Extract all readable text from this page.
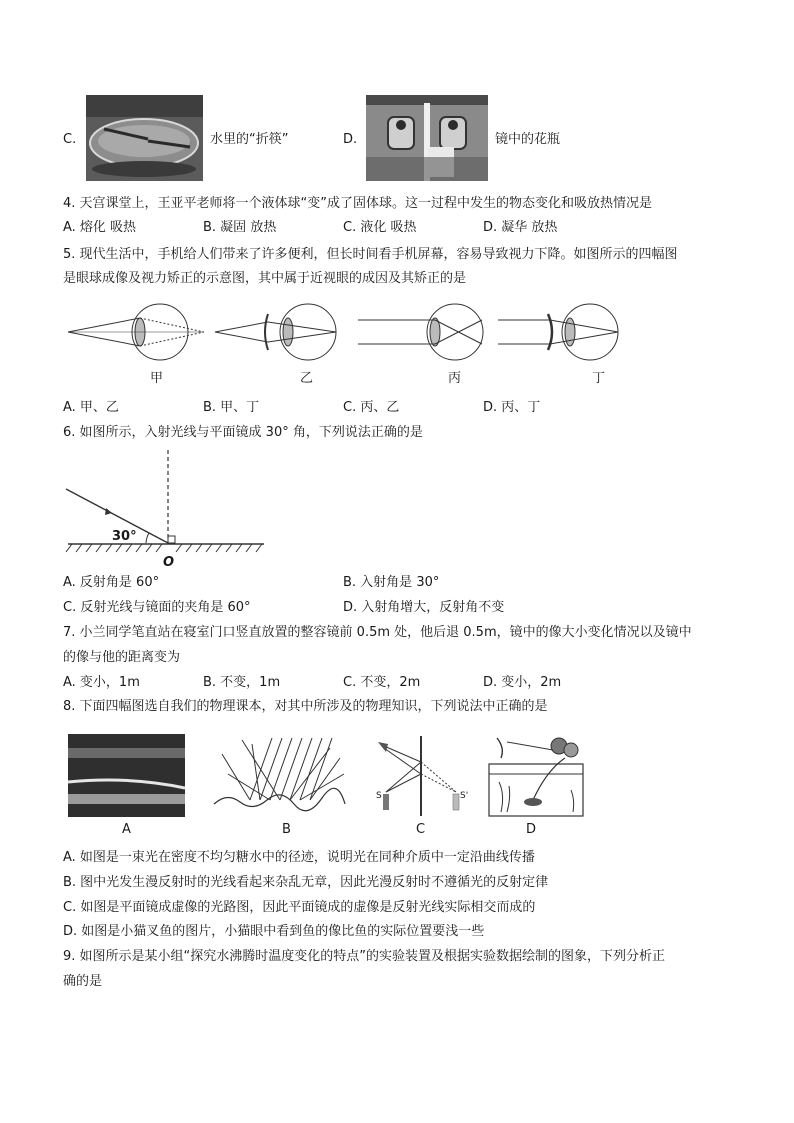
C.	水里的“折筷”	D.	镜中的花瓶
4. 天宫课堂上，王亚平老师将一个液体球“变”成了固体球。这一过程中发生的物态变化和吸放热情况是
A. 熔化 吸热	B. 凝固 放热	C. 液化 吸热	D. 凝华 放热
5. 现代生活中，手机给人们带来了许多便利，但长时间看手机屏幕，容易导致视力下降。如图所示的四幅图
是眼球成像及视力矫正的示意图，其中属于近视眼的成因及其矫正的是
甲	乙	丙	丁
A. 甲、乙	B. 甲、丁	C. 丙、乙	D. 丙、丁
6. 如图所示，入射光线与平面镜成 30° 角，下列说法正确的是
30°
O
A. 反射角是 60°	B. 入射角是 30°
C. 反射光线与镜面的夹角是 60°	D. 入射角增大，反射角不变
7. 小兰同学笔直站在寝室门口竖直放置的整容镜前 0.5m 处，他后退 0.5m，镜中的像大小变化情况以及镜中
的像与他的距离变为
A. 变小，1m	B. 不变，1m	C. 不变，2m	D. 变小，2m
8. 下面四幅图选自我们的物理课本，对其中所涉及的物理知识，下列说法中正确的是
S	S'
A	B	C	D
A. 如图是一束光在密度不均匀糖水中的径迹，说明光在同种介质中一定沿曲线传播
B. 图中光发生漫反射时的光线看起来杂乱无章，因此光漫反射时不遵循光的反射定律
C. 如图是平面镜成虚像的光路图，因此平面镜成的虚像是反射光线实际相交而成的
D. 如图是小猫叉鱼的图片，小猫眼中看到鱼的像比鱼的实际位置要浅一些
9. 如图所示是某小组“探究水沸腾时温度变化的特点”的实验装置及根据实验数据绘制的图象，下列分析正
确的是
